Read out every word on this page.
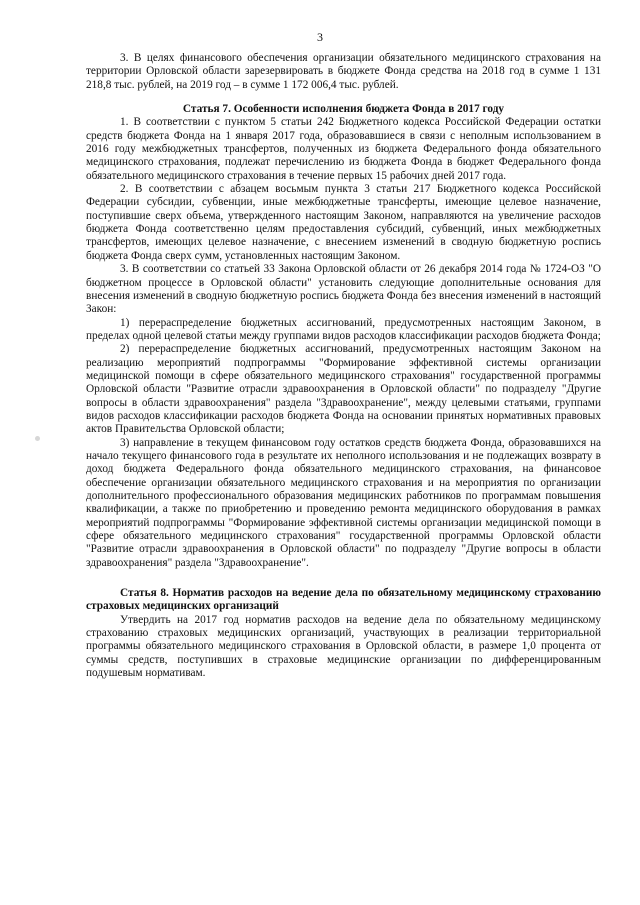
3

3. В целях финансового обеспечения организации обязательного медицинского страхования на территории Орловской области зарезервировать в бюджете Фонда средства на 2018 год в сумме 1 131 218,8 тыс. рублей, на 2019 год – в сумме 1 172 006,4 тыс. рублей.

Статья 7. Особенности исполнения бюджета Фонда в 2017 году

1. В соответствии с пунктом 5 статьи 242 Бюджетного кодекса Российской Федерации остатки средств бюджета Фонда на 1 января 2017 года, образовавшиеся в связи с неполным использованием в 2016 году межбюджетных трансфертов, полученных из бюджета Федерального фонда обязательного медицинского страхования, подлежат перечислению из бюджета Фонда в бюджет Федерального фонда обязательного медицинского страхования в течение первых 15 рабочих дней 2017 года.

2. В соответствии с абзацем восьмым пункта 3 статьи 217 Бюджетного кодекса Российской Федерации субсидии, субвенции, иные межбюджетные трансферты, имеющие целевое назначение, поступившие сверх объема, утвержденного настоящим Законом, направляются на увеличение расходов бюджета Фонда соответственно целям предоставления субсидий, субвенций, иных межбюджетных трансфертов, имеющих целевое назначение, с внесением изменений в сводную бюджетную роспись бюджета Фонда сверх сумм, установленных настоящим Законом.

3. В соответствии со статьей 33 Закона Орловской области от 26 декабря 2014 года № 1724-ОЗ "О бюджетном процессе в Орловской области" установить следующие дополнительные основания для внесения изменений в сводную бюджетную роспись бюджета Фонда без внесения изменений в настоящий Закон:

1) перераспределение бюджетных ассигнований, предусмотренных настоящим Законом, в пределах одной целевой статьи между группами видов расходов классификации расходов бюджета Фонда;

2) перераспределение бюджетных ассигнований, предусмотренных настоящим Законом на реализацию мероприятий подпрограммы "Формирование эффективной системы организации медицинской помощи в сфере обязательного медицинского страхования" государственной программы Орловской области "Развитие отрасли здравоохранения в Орловской области" по подразделу "Другие вопросы в области здравоохранения" раздела "Здравоохранение", между целевыми статьями, группами видов расходов классификации расходов бюджета Фонда на основании принятых нормативных правовых актов Правительства Орловской области;

3) направление в текущем финансовом году остатков средств бюджета Фонда, образовавшихся на начало текущего финансового года в результате их неполного использования и не подлежащих возврату в доход бюджета Федерального фонда обязательного медицинского страхования, на финансовое обеспечение организации обязательного медицинского страхования и на мероприятия по организации дополнительного профессионального образования медицинских работников по программам повышения квалификации, а также по приобретению и проведению ремонта медицинского оборудования в рамках мероприятий подпрограммы "Формирование эффективной системы организации медицинской помощи в сфере обязательного медицинского страхования" государственной программы Орловской области "Развитие отрасли здравоохранения в Орловской области" по подразделу "Другие вопросы в области здравоохранения" раздела "Здравоохранение".

Статья 8. Норматив расходов на ведение дела по обязательному медицинскому страхованию страховых медицинских организаций

Утвердить на 2017 год норматив расходов на ведение дела по обязательному медицинскому страхованию страховых медицинских организаций, участвующих в реализации территориальной программы обязательного медицинского страхования в Орловской области, в размере 1,0 процента от суммы средств, поступивших в страховые медицинские организации по дифференцированным подушевым нормативам.
